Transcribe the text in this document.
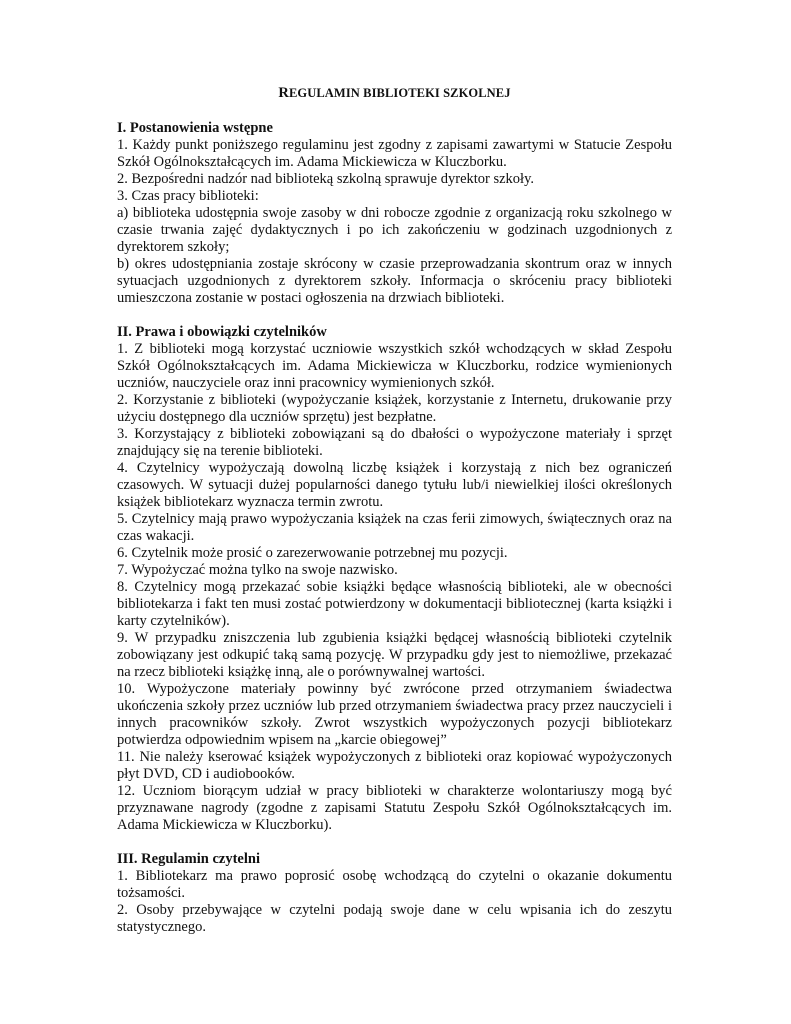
REGULAMIN BIBLIOTEKI SZKOLNEJ

I. Postanowienia wstępne

1. Każdy punkt poniższego regulaminu jest zgodny z zapisami zawartymi w Statucie Zespołu Szkół Ogólnokształcących im. Adama Mickiewicza w Kluczborku.

2. Bezpośredni nadzór nad biblioteką szkolną sprawuje dyrektor szkoły.

3. Czas pracy biblioteki:

a) biblioteka udostępnia swoje zasoby w dni robocze zgodnie z organizacją roku szkolnego w czasie trwania zajęć dydaktycznych i po ich zakończeniu w godzinach uzgodnionych z dyrektorem szkoły;

b) okres udostępniania zostaje skrócony w czasie przeprowadzania skontrum oraz w innych sytuacjach uzgodnionych z dyrektorem szkoły. Informacja o skróceniu pracy biblioteki umieszczona zostanie w postaci ogłoszenia na drzwiach biblioteki.

II. Prawa i obowiązki czytelników

1. Z biblioteki mogą korzystać uczniowie wszystkich szkół wchodzących w skład Zespołu Szkół Ogólnokształcących im. Adama Mickiewicza w Kluczborku, rodzice wymienionych uczniów, nauczyciele oraz inni pracownicy wymienionych szkół.

2. Korzystanie z biblioteki (wypożyczanie książek, korzystanie z Internetu, drukowanie przy użyciu dostępnego dla uczniów sprzętu) jest bezpłatne.

3. Korzystający z biblioteki zobowiązani są do dbałości o wypożyczone materiały i sprzęt znajdujący się na terenie biblioteki.

4. Czytelnicy wypożyczają dowolną liczbę książek i korzystają z nich bez ograniczeń czasowych. W sytuacji dużej popularności danego tytułu lub/i niewielkiej ilości określonych książek bibliotekarz wyznacza termin zwrotu.

5. Czytelnicy mają prawo wypożyczania książek na czas ferii zimowych, świątecznych oraz na czas wakacji.

6. Czytelnik może prosić o zarezerwowanie potrzebnej mu pozycji.

7. Wypożyczać można tylko na swoje nazwisko.

8. Czytelnicy mogą przekazać sobie książki będące własnością biblioteki, ale w obecności bibliotekarza i fakt ten musi zostać potwierdzony w dokumentacji bibliotecznej (karta książki i karty czytelników).

9. W przypadku zniszczenia lub zgubienia książki będącej własnością biblioteki czytelnik zobowiązany jest odkupić taką samą pozycję. W przypadku gdy jest to niemożliwe, przekazać na rzecz biblioteki książkę inną, ale o porównywalnej wartości.

10. Wypożyczone materiały powinny być zwrócone przed otrzymaniem świadectwa ukończenia szkoły przez uczniów lub przed otrzymaniem świadectwa pracy przez nauczycieli i innych pracowników szkoły. Zwrot wszystkich wypożyczonych pozycji bibliotekarz potwierdza odpowiednim wpisem na „karcie obiegowej”

11. Nie należy kserować książek wypożyczonych z biblioteki oraz kopiować wypożyczonych płyt DVD, CD i audiobooków.

12. Uczniom biorącym udział w pracy biblioteki w charakterze wolontariuszy mogą być przyznawane nagrody (zgodne z zapisami Statutu Zespołu Szkół Ogólnokształcących im. Adama Mickiewicza w Kluczborku).

III. Regulamin czytelni

1. Bibliotekarz ma prawo poprosić osobę wchodzącą do czytelni o okazanie dokumentu tożsamości.

2. Osoby przebywające w czytelni podają swoje dane w celu wpisania ich do zeszytu statystycznego.
